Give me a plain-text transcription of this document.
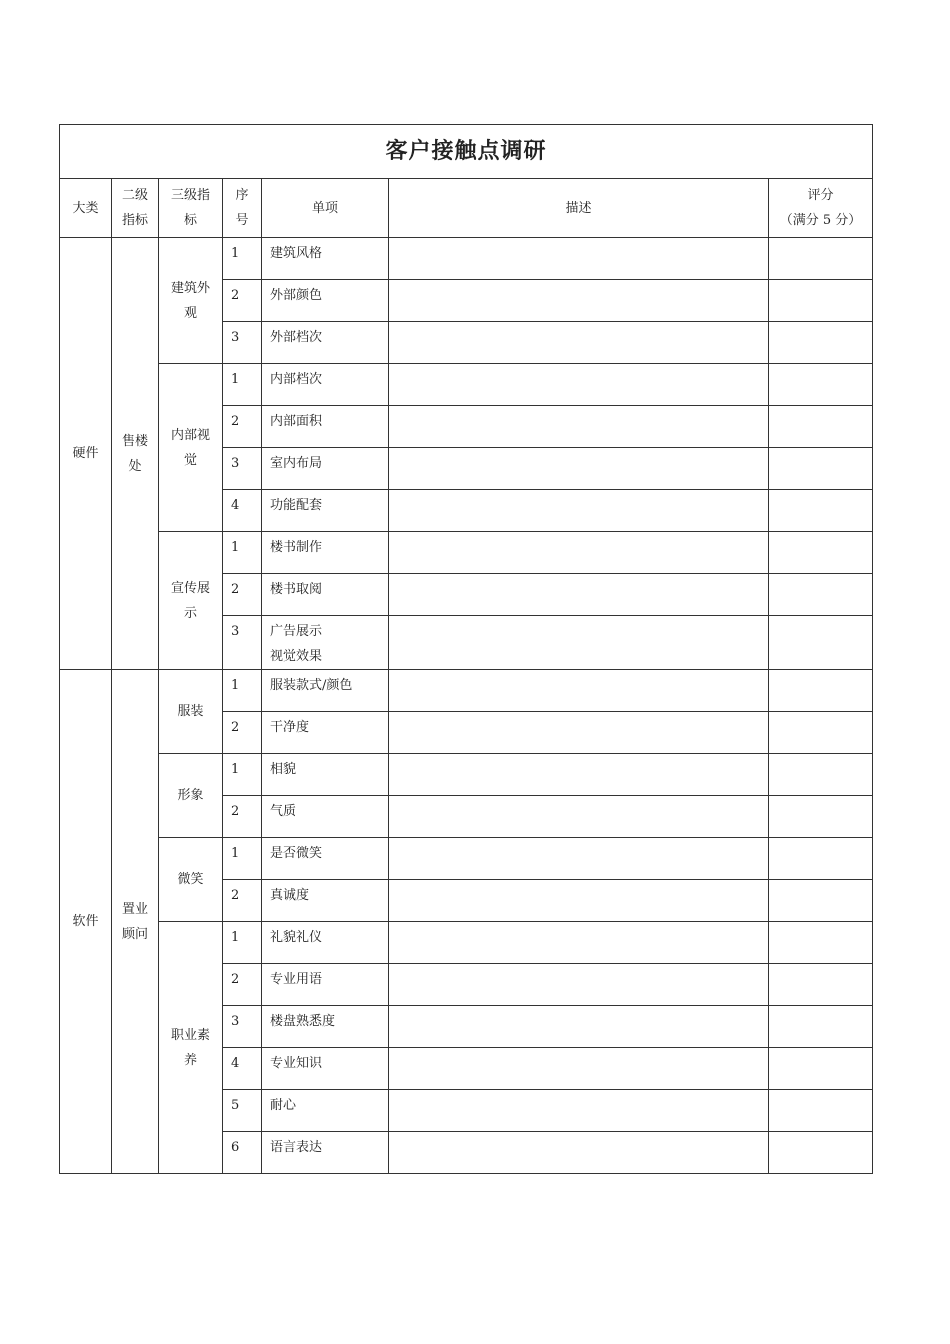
客户接触点调研						
大类	二级指标	三级指标	序号	单项	描述	评分
（满分 5 分）

硬件	售楼处	建筑外观	1	建筑风格		

			2	外部颜色		

			3	外部档次		

		内部视觉	1	内部档次		

			2	内部面积		

			3	室内布局		

			4	功能配套		

		宣传展示	1	楼书制作		

			2	楼书取阅		

			3	广告展示
视觉效果		

软件	置业顾问	服装	1	服装款式/颜色		

			2	干净度		

		形象	1	相貌		

			2	气质		

		微笑	1	是否微笑		

			2	真诚度		

		职业素养	1	礼貌礼仪		

			2	专业用语		

			3	楼盘熟悉度		

			4	专业知识		

			5	耐心		

			6	语言表达		
